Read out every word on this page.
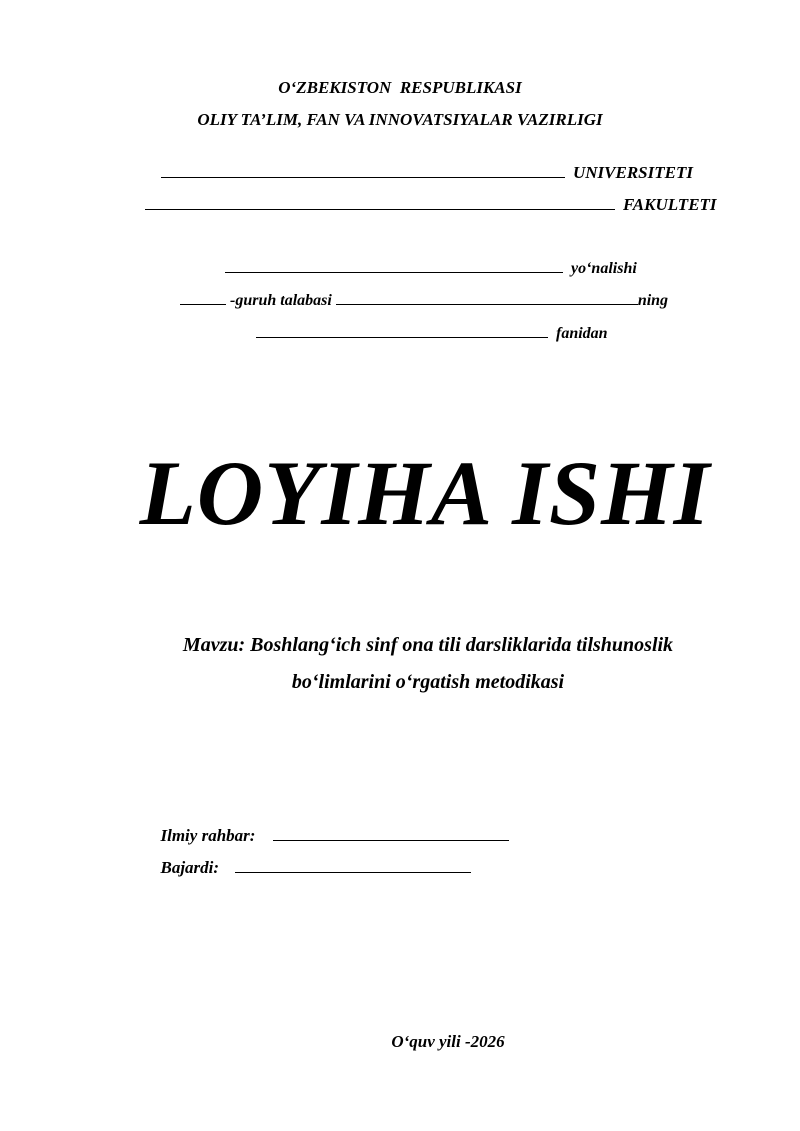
O‘ZBEKISTON  RESPUBLIKASI
OLIY TA’LIM, FAN VA INNOVATSIYALAR VAZIRLIGI

UNIVERSITETI

FAKULTETI

yo‘nalishi

-guruh talabasi	ning

fanidan

LOYIHA ISHI
Mavzu: Boshlang‘ich sinf ona tili darsliklarida tilshunoslik
bo‘limlarini o‘rgatish metodikasi

Ilmiy rahbar:

Bajardi:

O‘quv yili -2026
